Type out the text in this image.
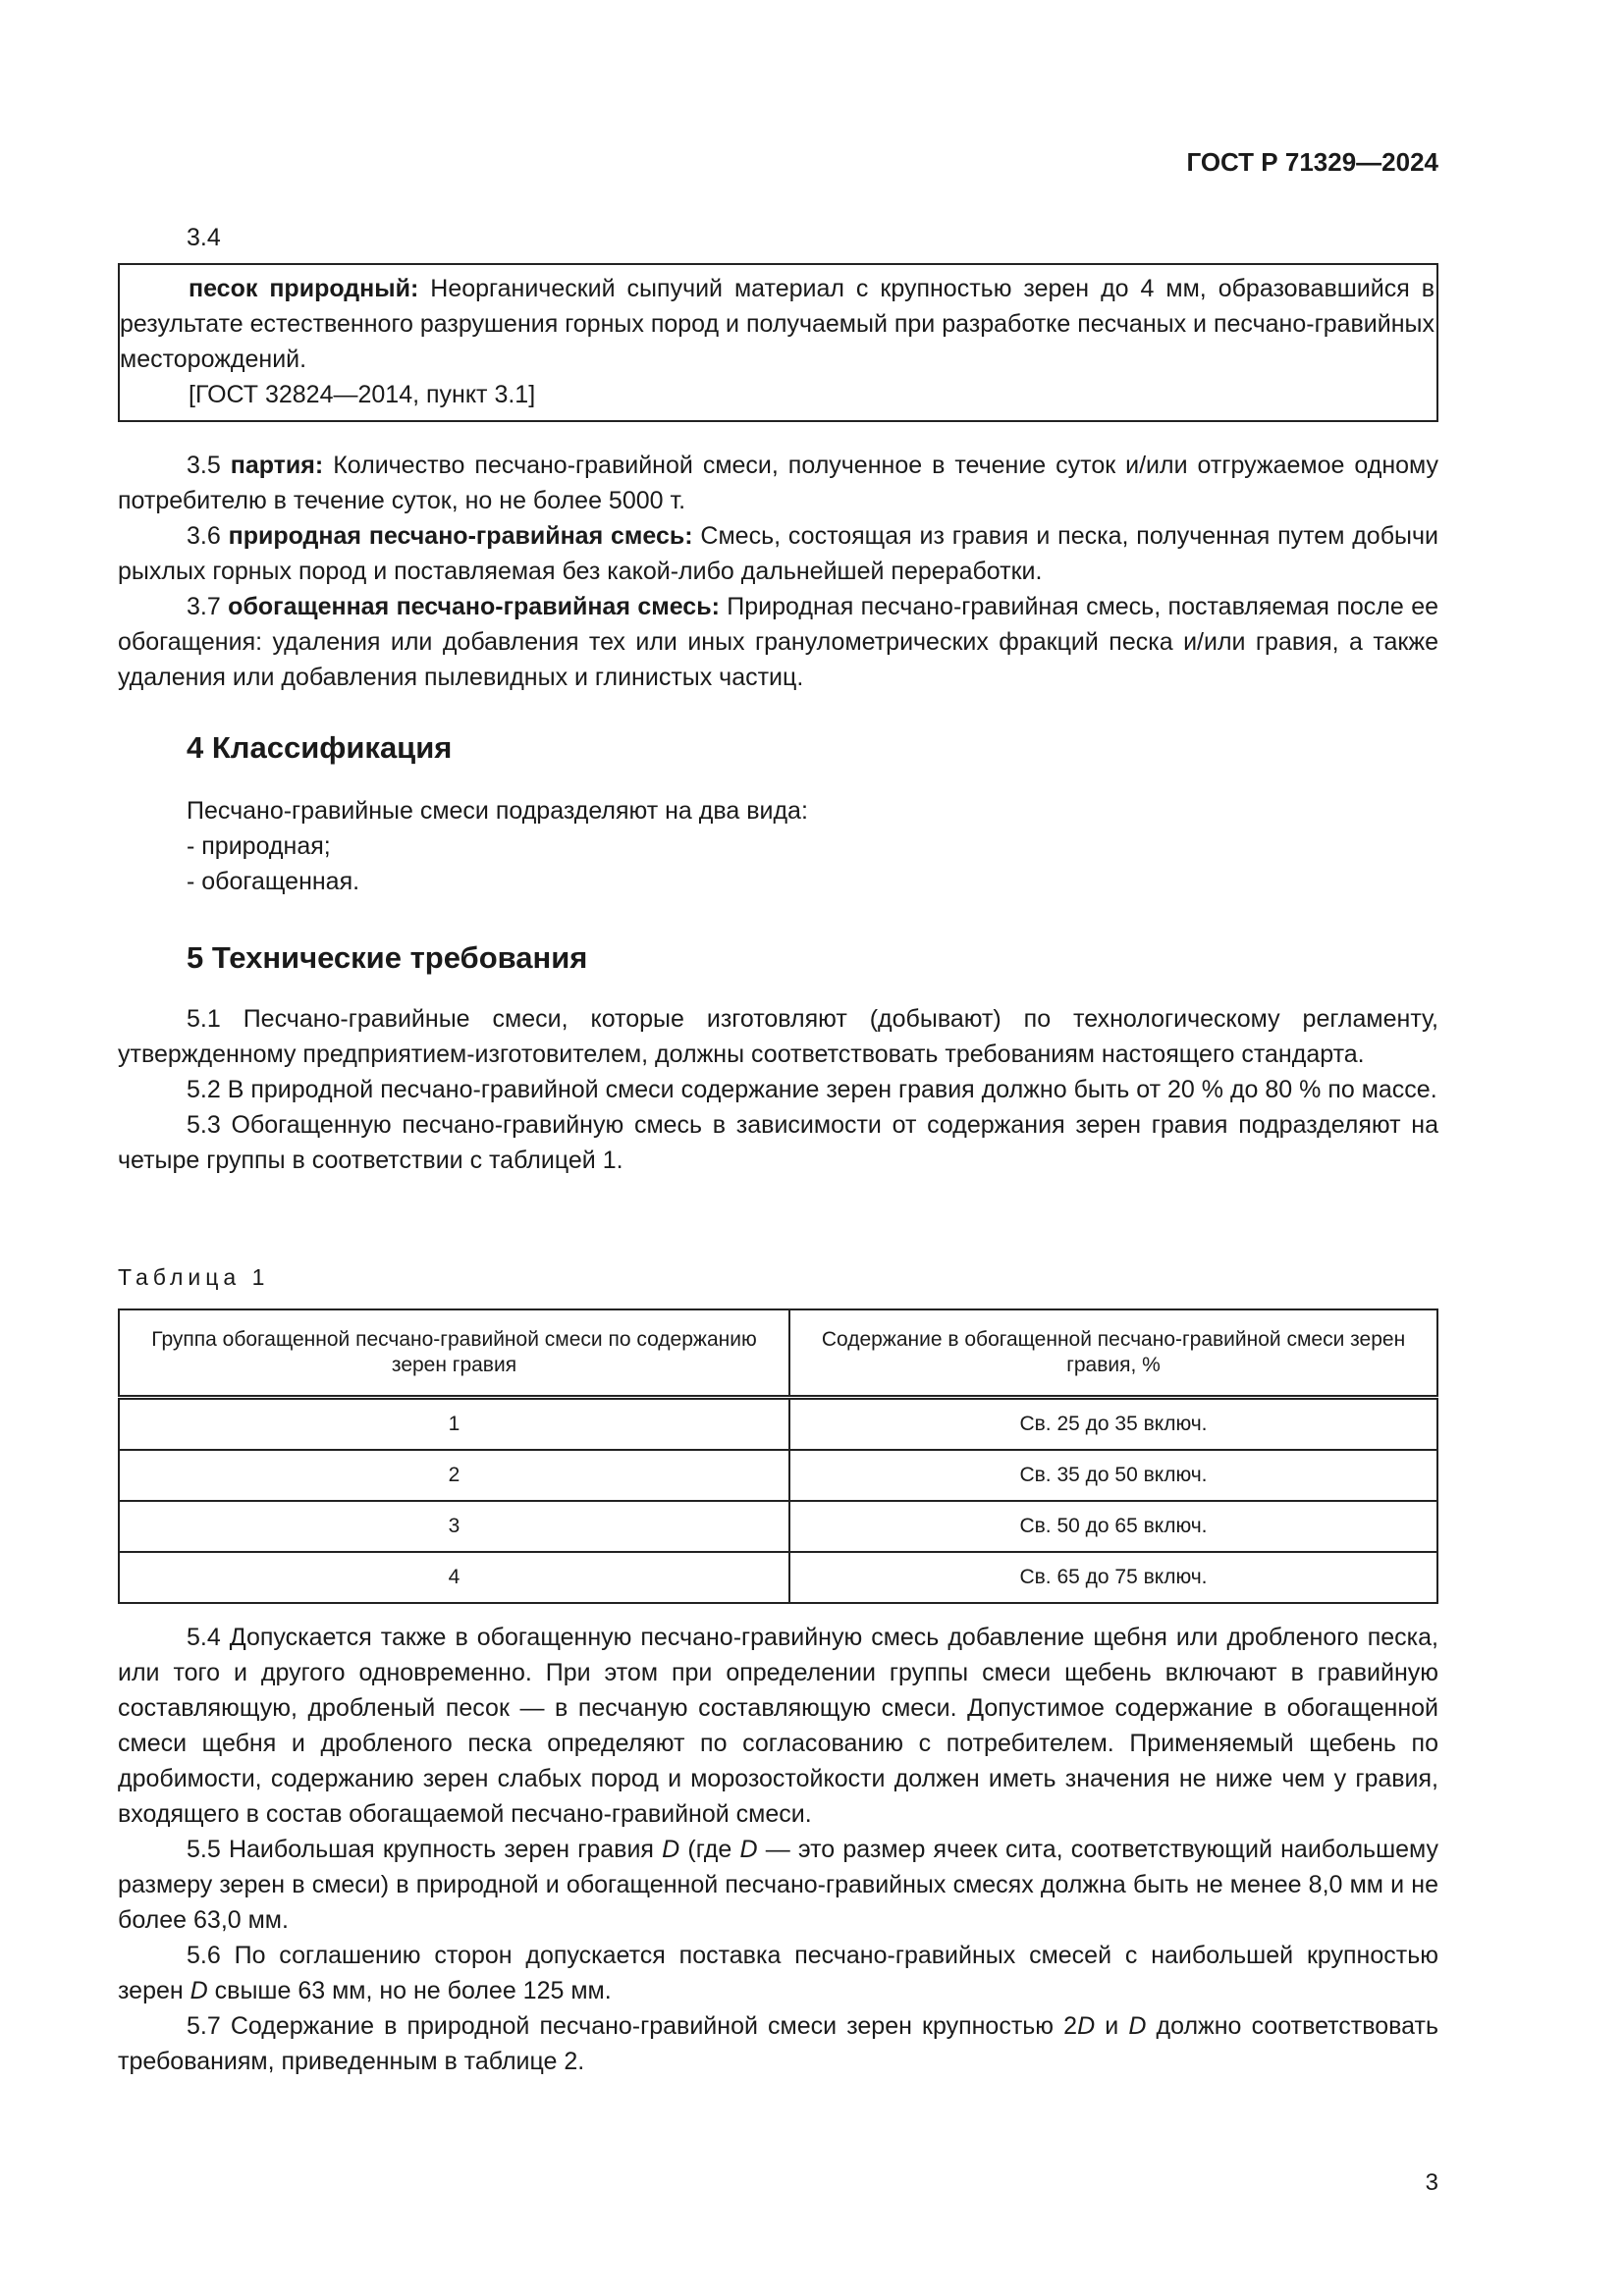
ГОСТ Р 71329—2024
3.4

песок природный: Неорганический сыпучий материал с крупностью зерен до 4 мм, образовавшийся в результате естественного разрушения горных пород и получаемый при разработке песчаных и песчано-гравийных месторождений.

[ГОСТ 32824—2014, пункт 3.1]

3.5 партия: Количество песчано-гравийной смеси, полученное в течение суток и/или отгружаемое одному потребителю в течение суток, но не более 5000 т.

3.6 природная песчано-гравийная смесь: Смесь, состоящая из гравия и песка, полученная путем добычи рыхлых горных пород и поставляемая без какой-либо дальнейшей переработки.

3.7 обогащенная песчано-гравийная смесь: Природная песчано-гравийная смесь, поставляемая после ее обогащения: удаления или добавления тех или иных гранулометрических фракций песка и/или гравия, а также удаления или добавления пылевидных и глинистых частиц.

4 Классификация

Песчано-гравийные смеси подразделяют на два вида:

- природная;

- обогащенная.

5 Технические требования

5.1 Песчано-гравийные смеси, которые изготовляют (добывают) по технологическому регламенту, утвержденному предприятием-изготовителем, должны соответствовать требованиям настоящего стандарта.

5.2 В природной песчано-гравийной смеси содержание зерен гравия должно быть от 20 % до 80 % по массе.

5.3 Обогащенную песчано-гравийную смесь в зависимости от содержания зерен гравия подразделяют на четыре группы в соответствии с таблицей 1.

Таблица 1
Группа обогащенной песчано-гравийной смеси по содержанию зерен гравия	Содержание в обогащенной песчано-гравийной смеси зерен гравия, %
1	Св. 25 до 35 включ.
2	Св. 35 до 50 включ.
3	Св. 50 до 65 включ.
4	Св. 65 до 75 включ.

5.4 Допускается также в обогащенную песчано-гравийную смесь добавление щебня или дробленого песка, или того и другого одновременно. При этом при определении группы смеси щебень включают в гравийную составляющую, дробленый песок — в песчаную составляющую смеси. Допустимое содержание в обогащенной смеси щебня и дробленого песка определяют по согласованию с потребителем. Применяемый щебень по дробимости, содержанию зерен слабых пород и морозостойкости должен иметь значения не ниже чем у гравия, входящего в состав обогащаемой песчано-гравийной смеси.

5.5 Наибольшая крупность зерен гравия D (где D — это размер ячеек сита, соответствующий наибольшему размеру зерен в смеси) в природной и обогащенной песчано-гравийных смесях должна быть не менее 8,0 мм и не более 63,0 мм.

5.6 По соглашению сторон допускается поставка песчано-гравийных смесей с наибольшей крупностью зерен D свыше 63 мм, но не более 125 мм.

5.7 Содержание в природной песчано-гравийной смеси зерен крупностью 2D и D должно соответствовать требованиям, приведенным в таблице 2.

3
